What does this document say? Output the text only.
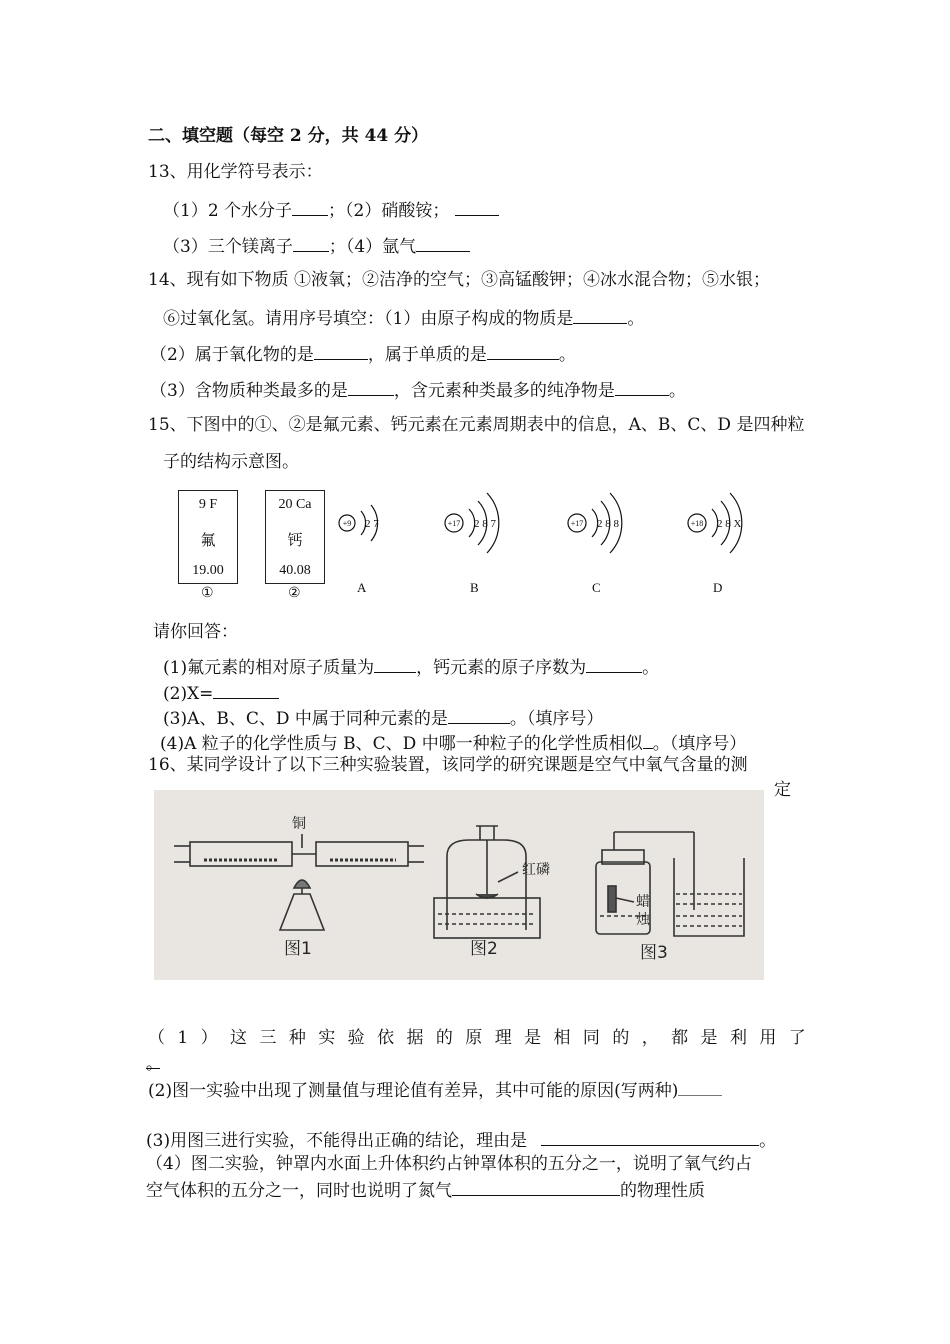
二、填空题（每空 2 分，共 44 分）
13、用化学符号表示：
（1）2 个水分子 ；（2）硝酸铵；
（3）三个镁离子 ；（4）氩气
14、现有如下物质 ①液氧；②洁净的空气；③高锰酸钾；④冰水混合物；⑤水银；
⑥过氧化氢。请用序号填空：（1）由原子构成的物质是	。
（2）属于氧化物的是	，属于单质的是	。
（3）含物质种类最多的是	，含元素种类最多的纯净物是	。
15、下图中的①、②是氟元素、钙元素在元素周期表中的信息，A、B、C、D 是四种粒
子的结构示意图。
9 F
氟
19.00
①
20 Ca
钙
40.08
②
+9 2 7
A
+17 2 8 7
B
+17 2 8 8
C
+18 2 8 X
D
请你回答：
(1)氟元素的相对原子质量为 ，钙元素的原子序数为	。
(2)X=
(3)A、B、C、D 中属于同种元素的是	。（填序号）
(4)A 粒子的化学性质与 B、C、D 中哪一种粒子的化学性质相似 。（填序号）
16、某同学设计了以下三种实验装置，该同学的研究课题是空气中氧气含量的测
定
铜
红磷
蜡
烛
图1	图2	图3
（ 1 ） 这 三 种 实 验 依 据 的 原 理 是 相 同 的 ， 都 是 利 用 了
。
(2)图一实验中出现了测量值与理论值有差异，其中可能的原因(写两种)
(3)用图三进行实验，不能得出正确的结论，理由是	。
（4）图二实验，钟罩内水面上升体积约占钟罩体积的五分之一，说明了氧气约占
空气体积的五分之一，同时也说明了氮气	的物理性质
